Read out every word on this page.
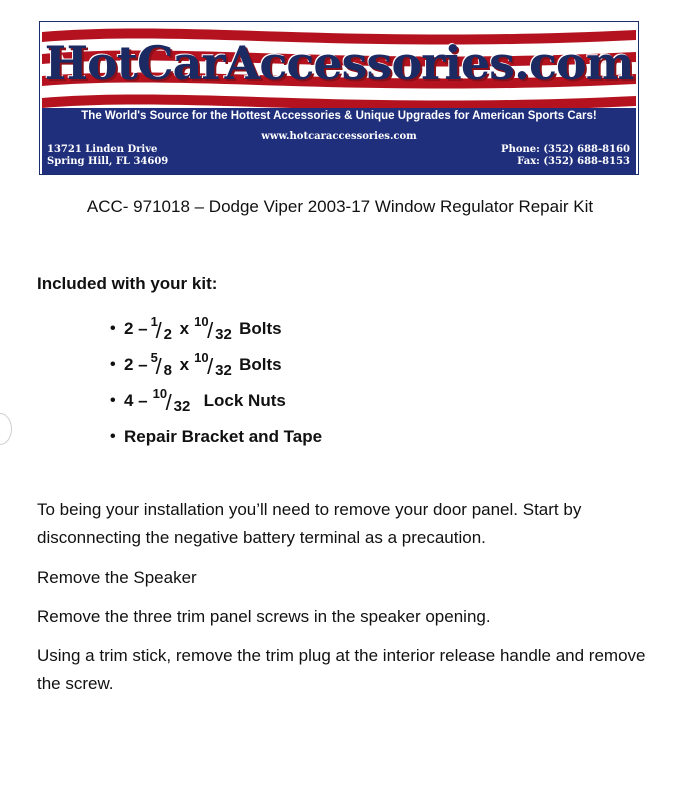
HotCarAccessories.com
The World's Source for the Hottest Accessories & Unique Upgrades for American Sports Cars!
www.hotcaraccessories.com
13721 Linden Drive
Spring Hill, FL 34609
Phone: (352) 688-8160
Fax: (352) 688-8153
ACC- 971018 – Dodge Viper 2003-17 Window Regulator Repair Kit
Included with your kit:
• 2 – 1
/ 2 x 10
/ 32 Bolts
• 2 – 5
/ 8 x 10
/ 32 Bolts
• 4 – 10
/ 32 Lock Nuts
• Repair Bracket and Tape
To being your installation you’ll need to remove your door panel. Start by disconnecting the negative battery terminal as a precaution.
Remove the Speaker
Remove the three trim panel screws in the speaker opening.
Using a trim stick, remove the trim plug at the interior release handle and remove the screw.
